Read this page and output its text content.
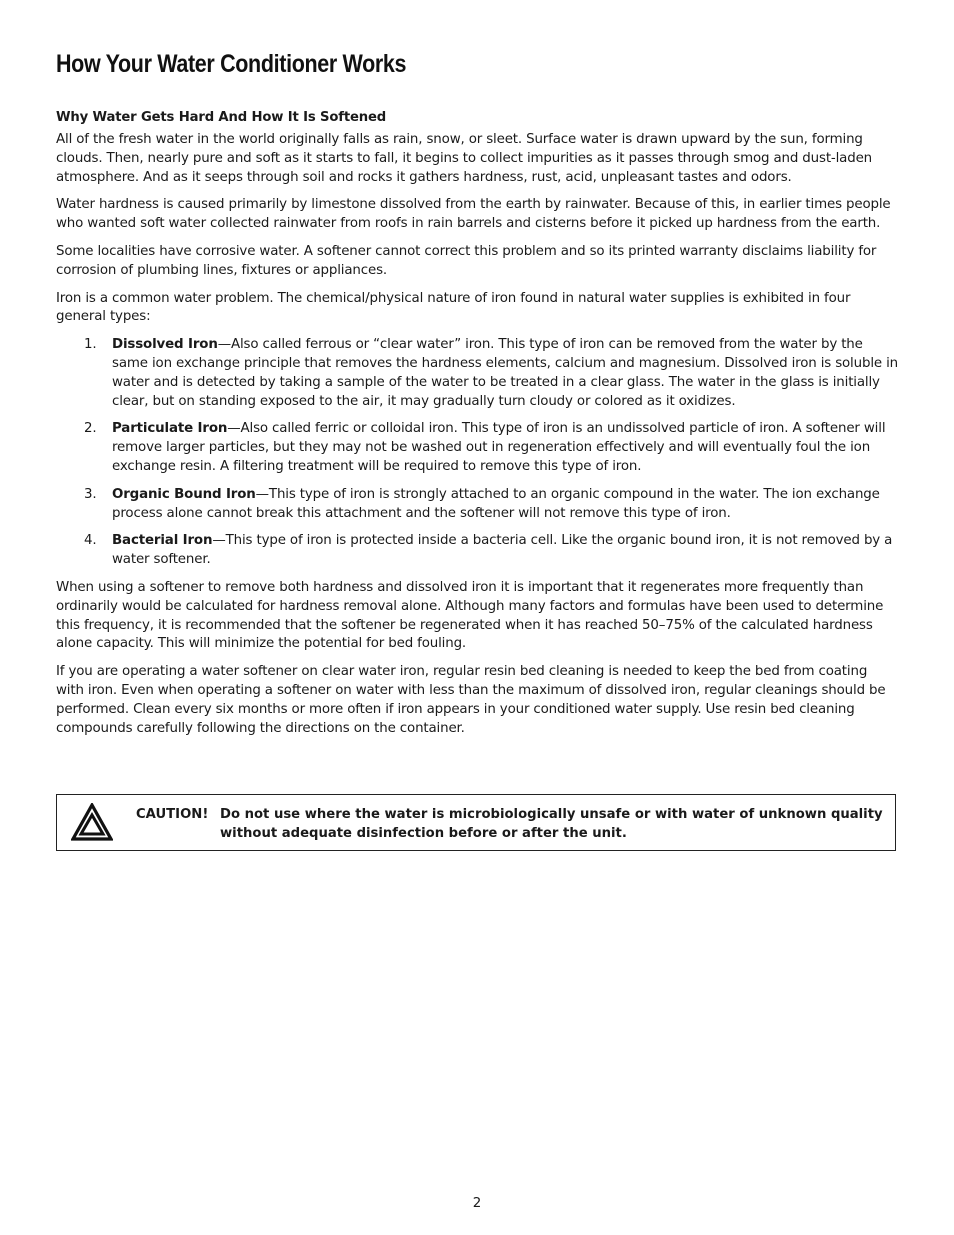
How Your Water Conditioner Works
Why Water Gets Hard And How It Is Softened

All of the fresh water in the world originally falls as rain, snow, or sleet. Surface water is drawn upward by the sun, forming clouds. Then, nearly pure and soft as it starts to fall, it begins to collect impurities as it passes through smog and dust-laden atmosphere. And as it seeps through soil and rocks it gathers hardness, rust, acid, unpleasant tastes and odors.

Water hardness is caused primarily by limestone dissolved from the earth by rainwater. Because of this, in earlier times people who wanted soft water collected rainwater from roofs in rain barrels and cisterns before it picked up hardness from the earth.

Some localities have corrosive water. A softener cannot correct this problem and so its printed warranty disclaims liability for corrosion of plumbing lines, fixtures or appliances.

Iron is a common water problem. The chemical/physical nature of iron found in natural water supplies is exhibited in four general types:

1. Dissolved Iron—Also called ferrous or “clear water” iron. This type of iron can be removed from the water by the same ion exchange principle that removes the hardness elements, calcium and magnesium. Dissolved iron is soluble in water and is detected by taking a sample of the water to be treated in a clear glass. The water in the glass is initially clear, but on standing exposed to the air, it may gradually turn cloudy or colored as it oxidizes.
2. Particulate Iron—Also called ferric or colloidal iron. This type of iron is an undissolved particle of iron. A softener will remove larger particles, but they may not be washed out in regeneration effectively and will eventually foul the ion exchange resin. A filtering treatment will be required to remove this type of iron.
3. Organic Bound Iron—This type of iron is strongly attached to an organic compound in the water. The ion exchange process alone cannot break this attachment and the softener will not remove this type of iron.
4. Bacterial Iron—This type of iron is protected inside a bacteria cell. Like the organic bound iron, it is not removed by a water softener.

When using a softener to remove both hardness and dissolved iron it is important that it regenerates more frequently than ordinarily would be calculated for hardness removal alone. Although many factors and formulas have been used to determine this frequency, it is recommended that the softener be regenerated when it has reached 50–75% of the calculated hardness alone capacity. This will minimize the potential for bed fouling.

If you are operating a water softener on clear water iron, regular resin bed cleaning is needed to keep the bed from coating with iron. Even when operating a softener on water with less than the maximum of dissolved iron, regular cleanings should be performed. Clean every six months or more often if iron appears in your conditioned water supply. Use resin bed cleaning compounds carefully following the directions on the container.

CAUTION! Do not use where the water is microbiologically unsafe or with water of unknown quality without adequate disinfection before or after the unit.
2
